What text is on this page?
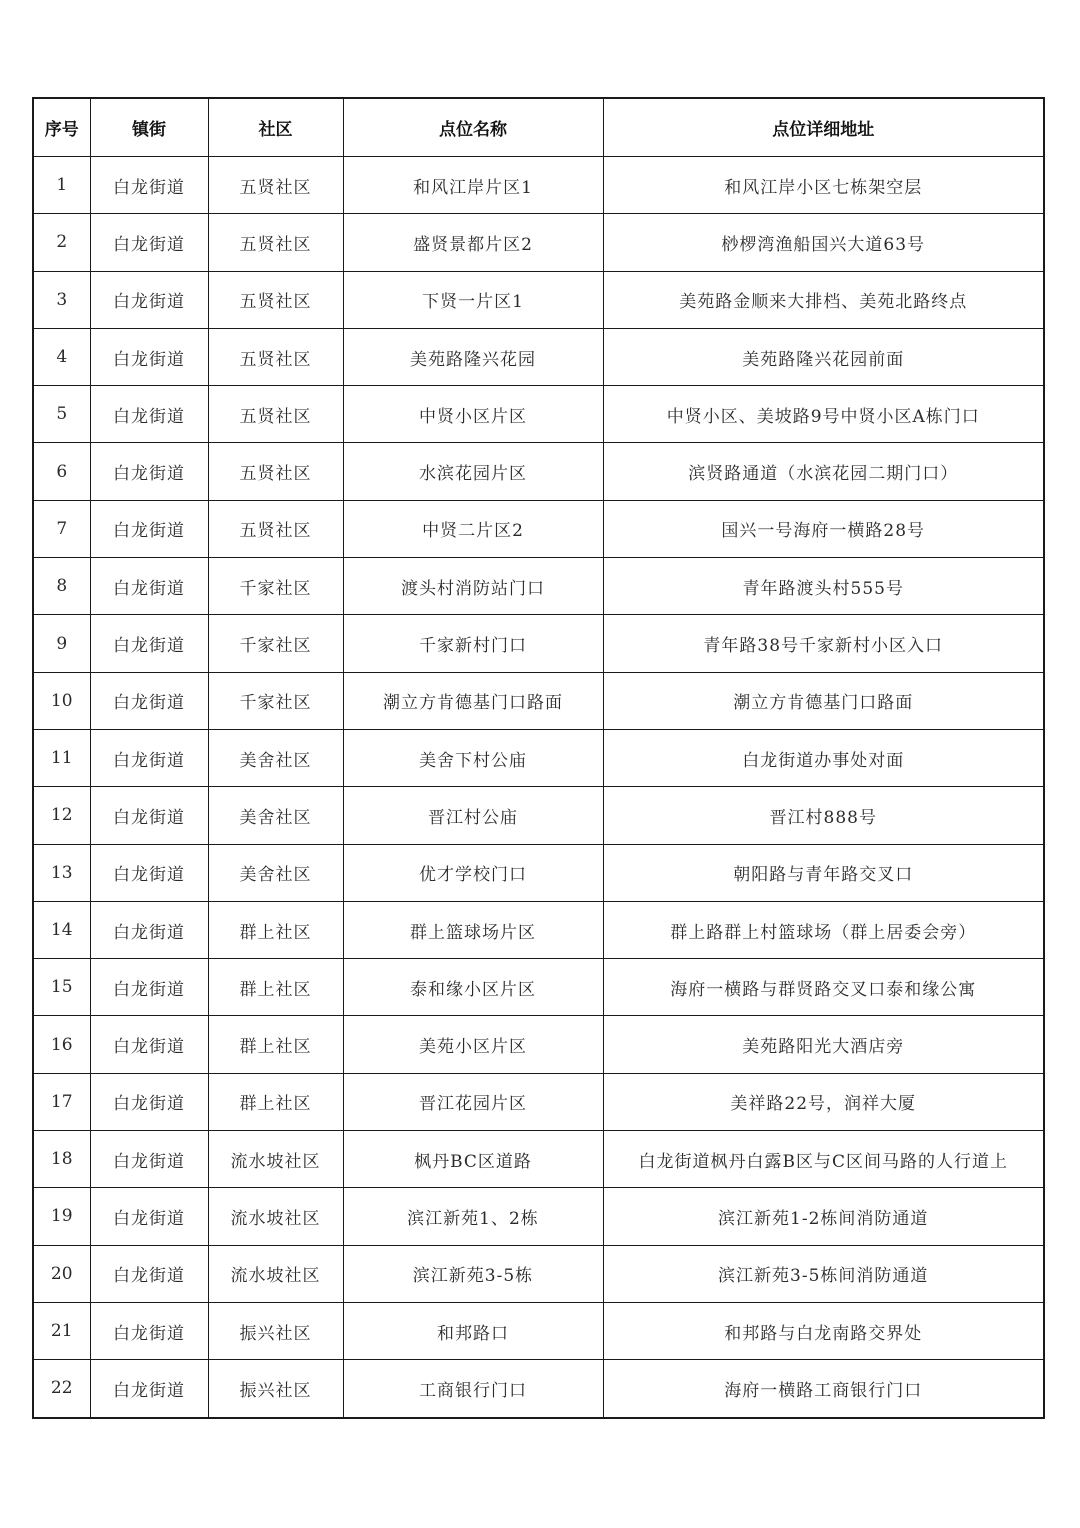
序号	镇街	社区	点位名称	点位详细地址
1	白龙街道	五贤社区	和风江岸片区1	和风江岸小区七栋架空层
2	白龙街道	五贤社区	盛贤景都片区2	桫椤湾渔船国兴大道63号
3	白龙街道	五贤社区	下贤一片区1	美苑路金顺来大排档、美苑北路终点
4	白龙街道	五贤社区	美苑路隆兴花园	美苑路隆兴花园前面
5	白龙街道	五贤社区	中贤小区片区	中贤小区、美坡路9号中贤小区A栋门口
6	白龙街道	五贤社区	水滨花园片区	滨贤路通道（水滨花园二期门口）
7	白龙街道	五贤社区	中贤二片区2	国兴一号海府一横路28号
8	白龙街道	千家社区	渡头村消防站门口	青年路渡头村555号
9	白龙街道	千家社区	千家新村门口	青年路38号千家新村小区入口
10	白龙街道	千家社区	潮立方肯德基门口路面	潮立方肯德基门口路面
11	白龙街道	美舍社区	美舍下村公庙	白龙街道办事处对面
12	白龙街道	美舍社区	晋江村公庙	晋江村888号
13	白龙街道	美舍社区	优才学校门口	朝阳路与青年路交叉口
14	白龙街道	群上社区	群上篮球场片区	群上路群上村篮球场（群上居委会旁）
15	白龙街道	群上社区	泰和缘小区片区	海府一横路与群贤路交叉口泰和缘公寓
16	白龙街道	群上社区	美苑小区片区	美苑路阳光大酒店旁
17	白龙街道	群上社区	晋江花园片区	美祥路22号，润祥大厦
18	白龙街道	流水坡社区	枫丹BC区道路	白龙街道枫丹白露B区与C区间马路的人行道上
19	白龙街道	流水坡社区	滨江新苑1、2栋	滨江新苑1-2栋间消防通道
20	白龙街道	流水坡社区	滨江新苑3-5栋	滨江新苑3-5栋间消防通道
21	白龙街道	振兴社区	和邦路口	和邦路与白龙南路交界处
22	白龙街道	振兴社区	工商银行门口	海府一横路工商银行门口
